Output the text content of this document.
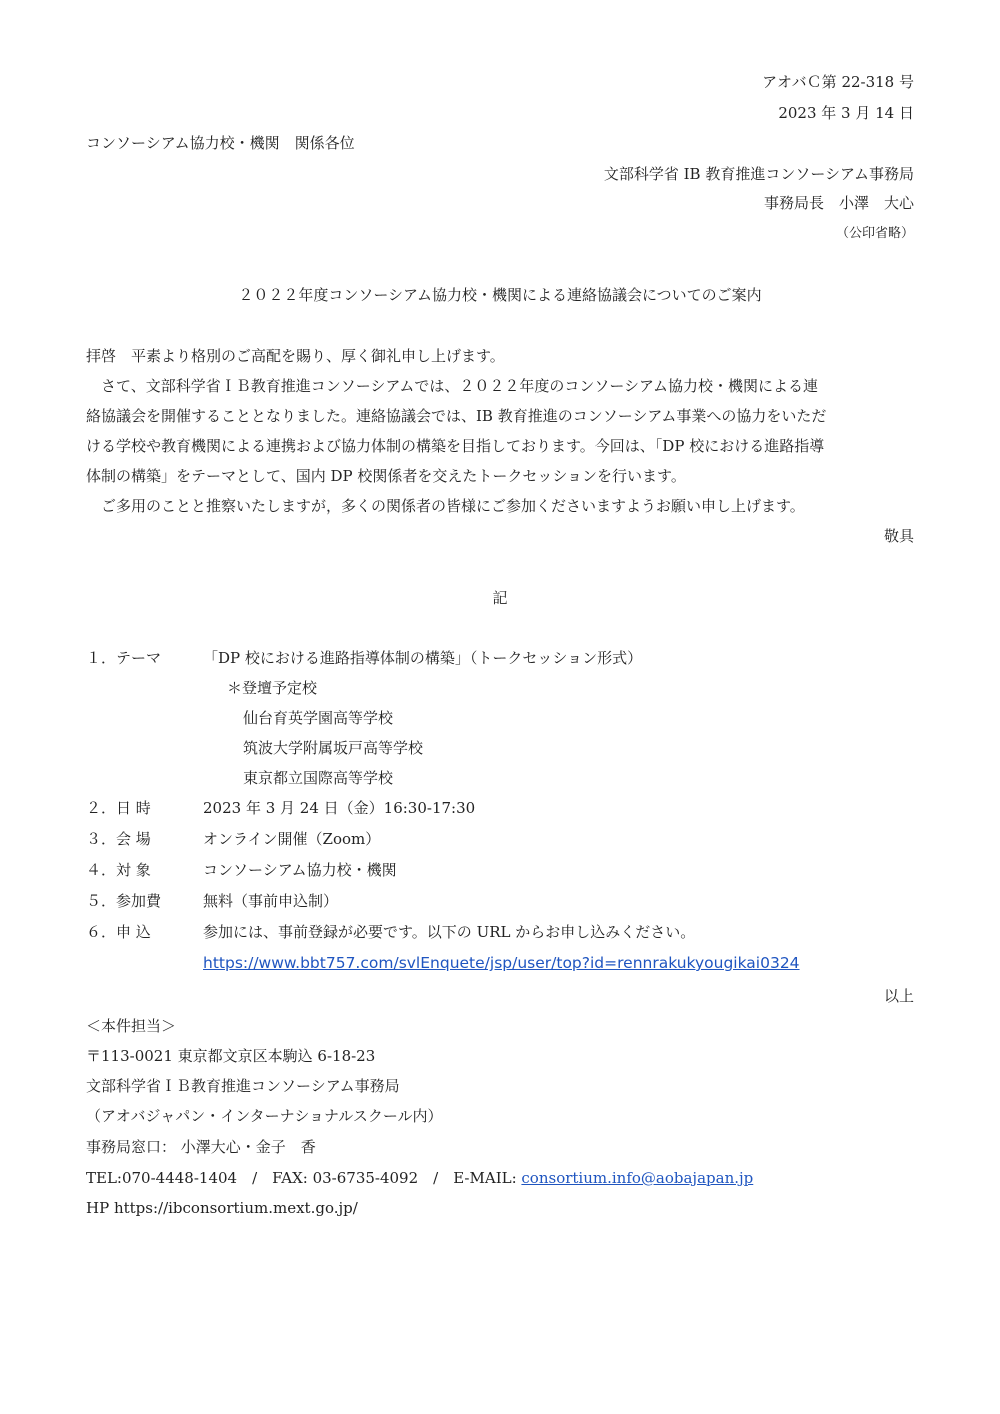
アオバＣ第 22-318 号
2023 年 3 月 14 日
コンソーシアム協力校・機関　関係各位
文部科学省 IB 教育推進コンソーシアム事務局
事務局長　小澤　大心
（公印省略）
２０２２年度コンソーシアム協力校・機関による連絡協議会についてのご案内
拝啓　平素より格別のご高配を賜り、厚く御礼申し上げます。
　さて、文部科学省ＩＢ教育推進コンソーシアムでは、２０２２年度のコンソーシアム協力校・機関による連
絡協議会を開催することとなりました。連絡協議会では、IB 教育推進のコンソーシアム事業への協力をいただ
ける学校や教育機関による連携および協力体制の構築を目指しております。今回は、「DP 校における進路指導
体制の構築」をテーマとして、国内 DP 校関係者を交えたトークセッションを行います。
　ご多用のことと推察いたしますが，多くの関係者の皆様にご参加くださいますようお願い申し上げます。
敬具
記
１．テーマ	「DP 校における進路指導体制の構築」（トークセッション形式）
＊登壇予定校
仙台育英学園高等学校
筑波大学附属坂戸高等学校
東京都立国際高等学校
２．日 時	2023 年 3 月 24 日（金）16:30-17:30
３．会 場	オンライン開催（Zoom）
４．対 象	コンソーシアム協力校・機関
５．参加費	無料（事前申込制）
６．申 込	参加には、事前登録が必要です。以下の URL からお申し込みください。
https://www.bbt757.com/svlEnquete/jsp/user/top?id=rennrakukyougikai0324
以上
＜本件担当＞
〒113-0021 東京都文京区本駒込 6-18-23
文部科学省ＩＢ教育推進コンソーシアム事務局
（アオバジャパン・インターナショナルスクール内）
事務局窓口： 小澤大心・金子　香
TEL:070-4448-1404　/　FAX: 03-6735-4092　/　E-MAIL: consortium.info@aobajapan.jp
HP https://ibconsortium.mext.go.jp/
